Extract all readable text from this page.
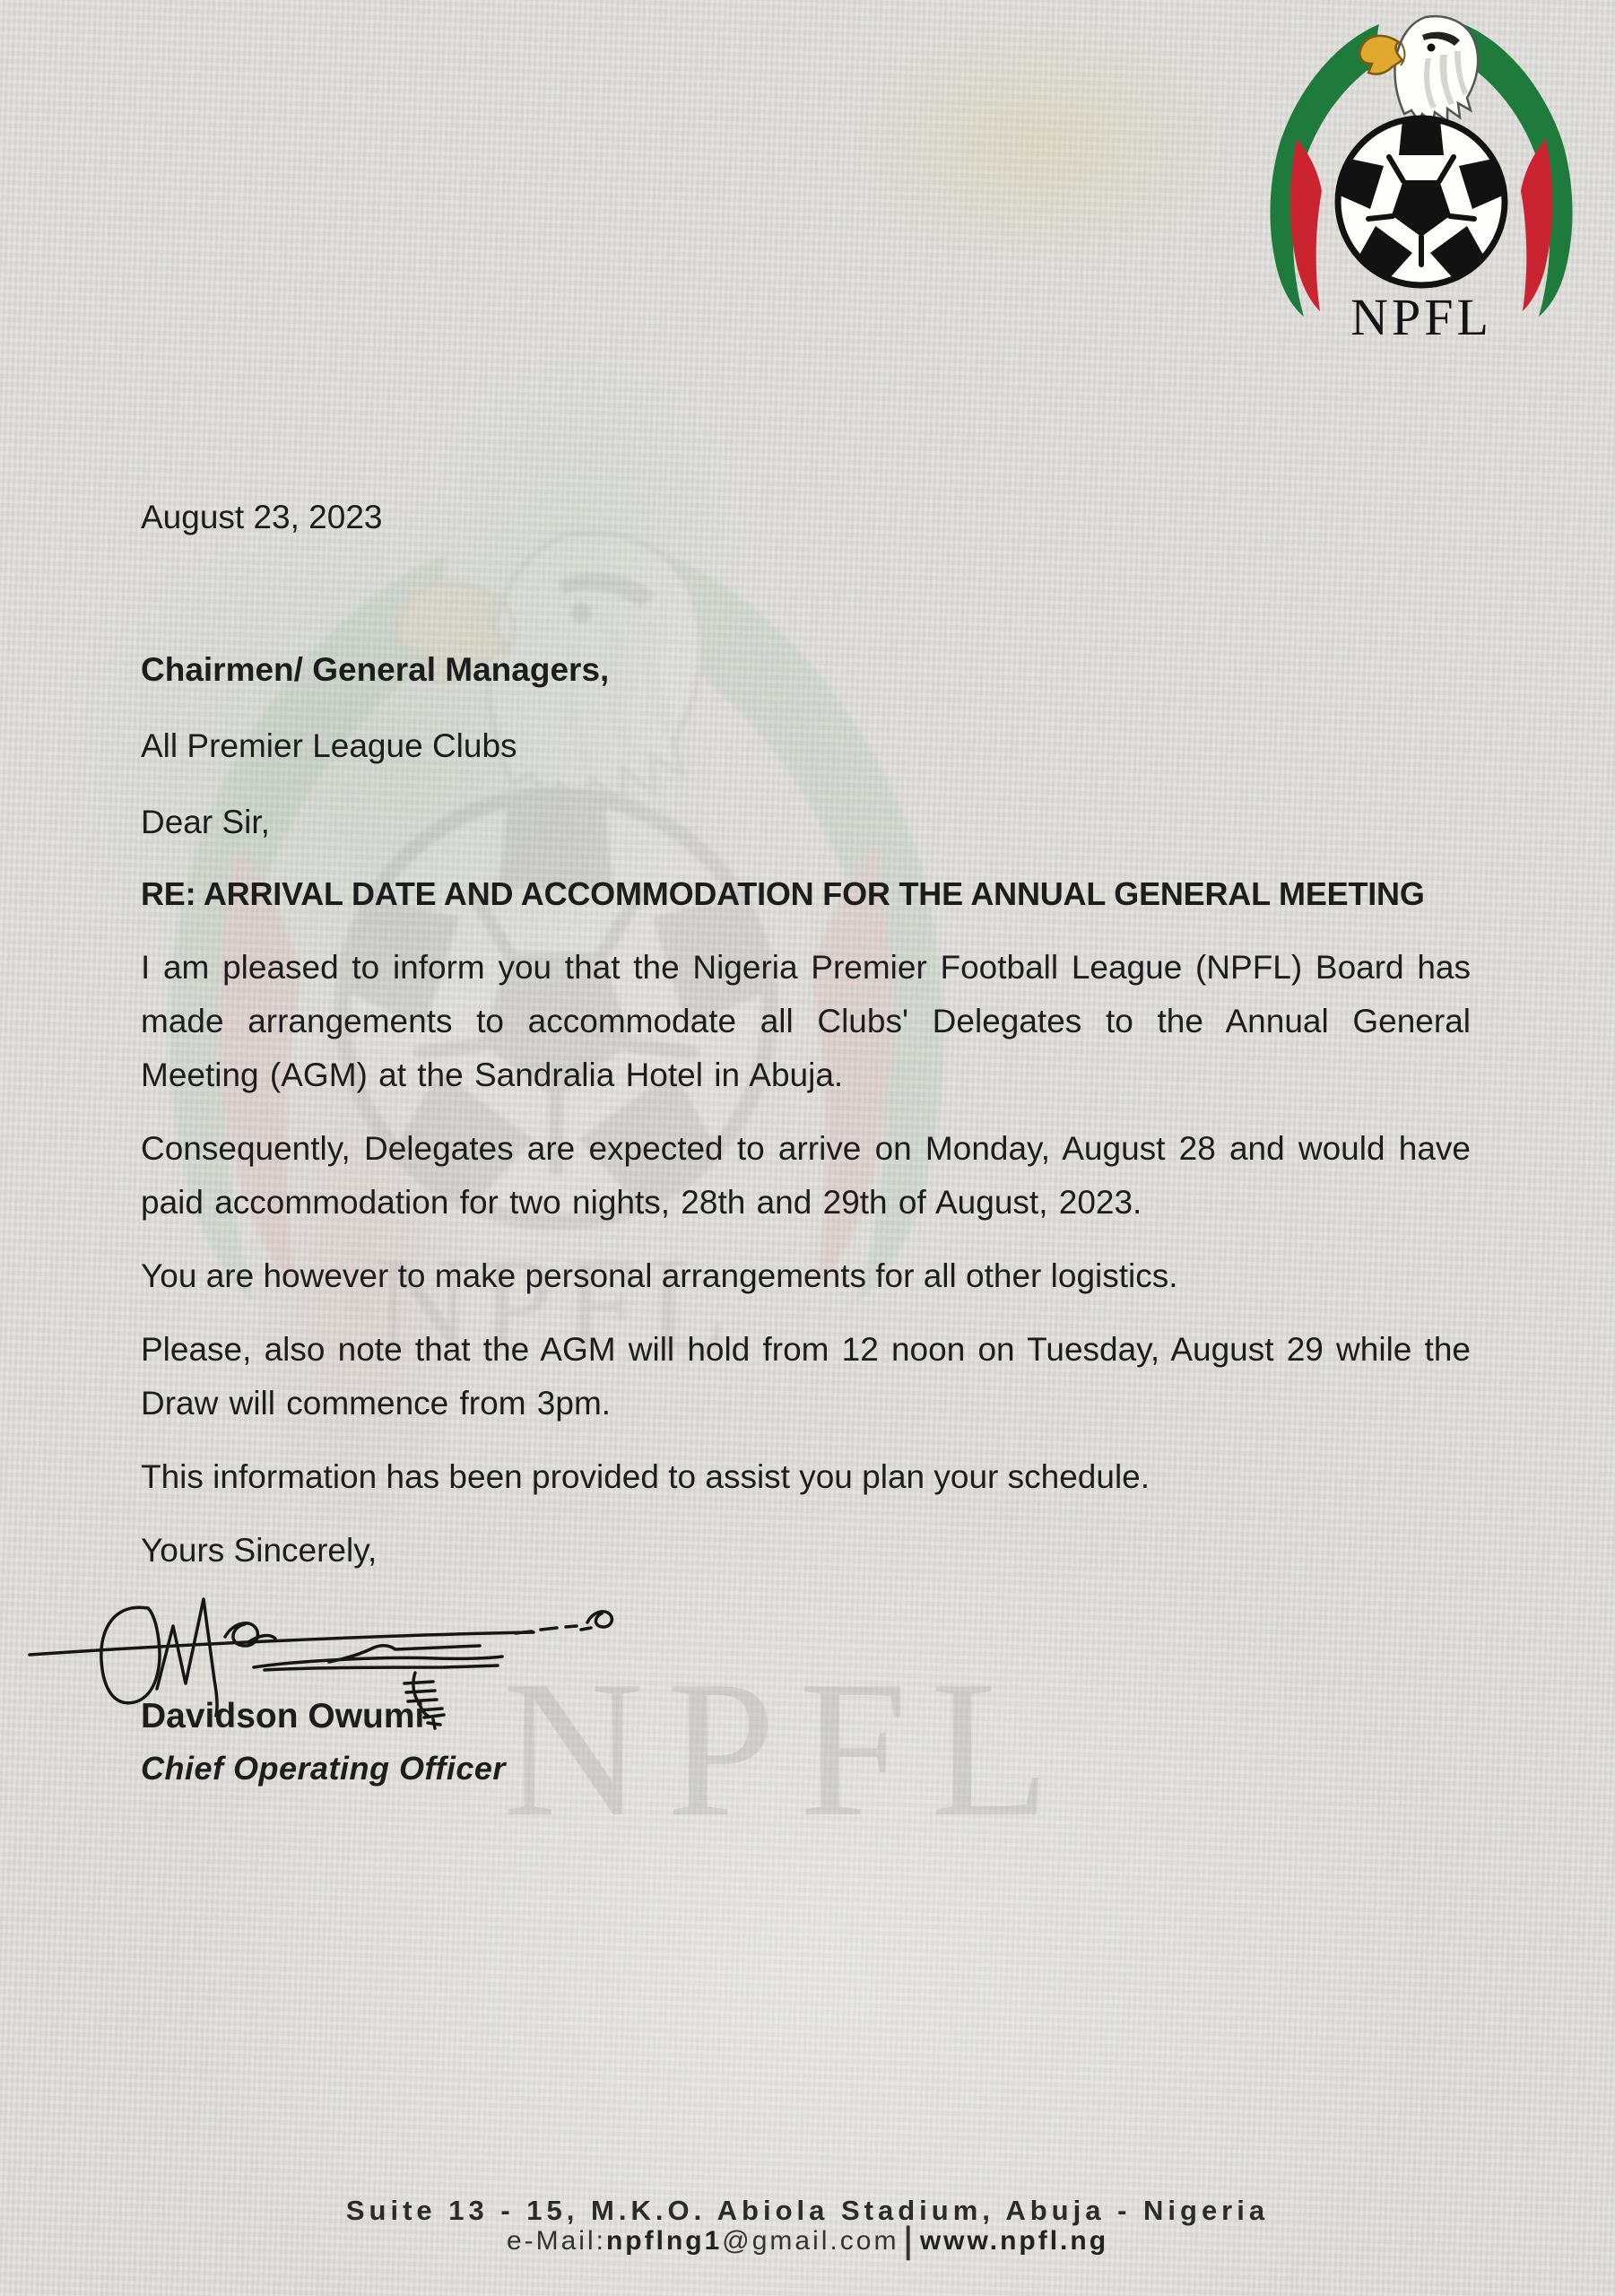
NPFL
August 23, 2023
Chairmen/ General Managers,
All Premier League Clubs
Dear Sir,
RE: ARRIVAL DATE AND ACCOMMODATION FOR THE ANNUAL GENERAL MEETING
I am pleased to inform you that the Nigeria Premier Football League (NPFL) Board has made arrangements to accommodate all Clubs' Delegates to the Annual General Meeting (AGM) at the Sandralia Hotel in Abuja.
Consequently, Delegates are expected to arrive on Monday, August 28 and would have paid accommodation for two nights, 28th and 29th of August, 2023.
You are however to make personal arrangements for all other logistics.
Please, also note that the AGM will hold from 12 noon on Tuesday, August 29 while the Draw will commence from 3pm.
This information has been provided to assist you plan your schedule.
Yours Sincerely,
Davidson Owumi
Chief Operating Officer
Suite 13 - 15, M.K.O. Abiola Stadium, Abuja - Nigeria
e-Mail:npflng1@gmail.com | www.npfl.ng
